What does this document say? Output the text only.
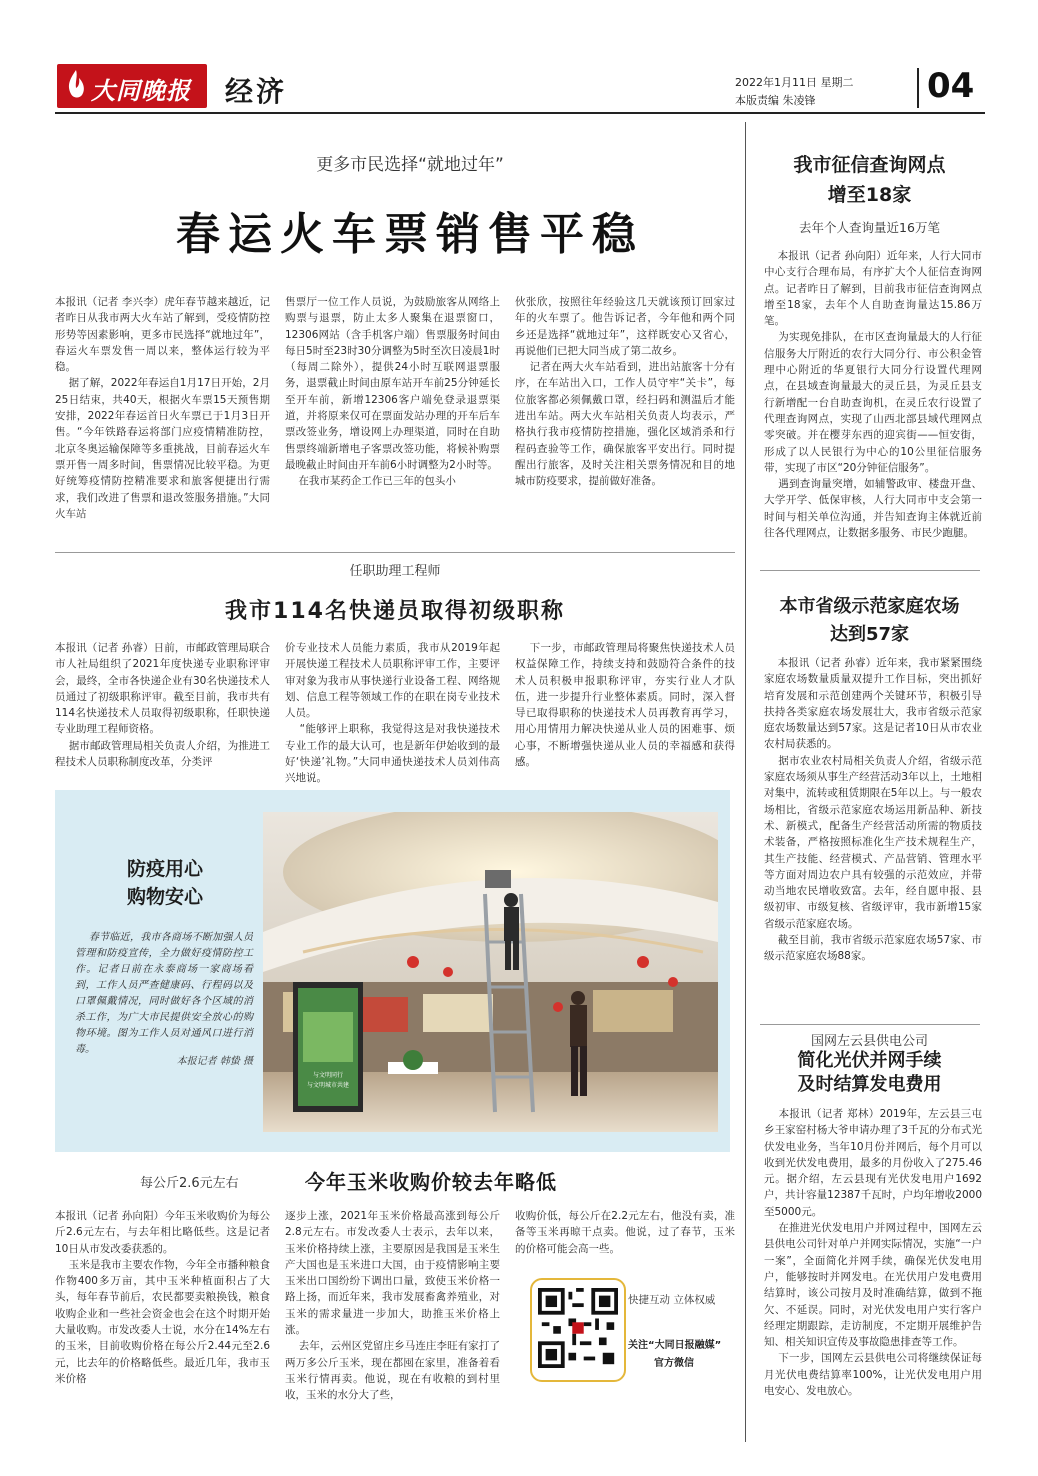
大同晚报 经济	2022年1月11日 星期二
本版责编 朱凌锋	04
更多市民选择“就地过年”
春运火车票销售平稳

本报讯（记者 李兴李）虎年春节越来越近，记者昨日从我市两大火车站了解到，受疫情防控形势等因素影响，更多市民选择“就地过年”，春运火车票发售一周以来，整体运行较为平稳。
据了解，2022年春运自1月17日开始，2月25日结束，共40天，根据火车票15天预售期安排，2022年春运首日火车票已于1月3日开售。“今年铁路春运将部门应疫情精准防控，北京冬奥运输保障等多重挑战，目前春运火车票开售一周多时间，售票情况比较平稳。为更好统筹疫情防控精准要求和旅客便捷出行需求，我们改进了售票和退改签服务措施。”大同火车站

售票厅一位工作人员说，为鼓励旅客从网络上购票与退票，防止太多人聚集在退票窗口，12306网站（含手机客户端）售票服务时间由每日5时至23时30分调整为5时至次日凌晨1时（每周二除外），提供24小时互联网退票服务，退票截止时间由原车站开车前25分钟延长至开车前，新增12306客户端免登录退票渠道，并将原来仅可在票面发站办理的开车后车票改签业务，增设网上办理渠道，同时在自助售票终端新增电子客票改签功能，将候补购票最晚截止时间由开车前6小时调整为2小时等。
在我市某药企工作已三年的包头小

伙张欣，按照往年经验这几天就该预订回家过年的火车票了。他告诉记者，今年他和两个同乡还是选择“就地过年”，这样既安心又省心，再说他们已把大同当成了第二故乡。
记者在两大火车站看到，进出站旅客十分有序，在车站出入口，工作人员守牢“关卡”，每位旅客都必须佩戴口罩，经扫码和测温后才能进出车站。两大火车站相关负责人均表示，严格执行我市疫情防控措施，强化区域消杀和行程码查验等工作，确保旅客平安出行。同时提醒出行旅客，及时关注相关票务情况和目的地城市防疫要求，提前做好准备。

任职助理工程师
我市114名快递员取得初级职称

本报讯（记者 孙睿）日前，市邮政管理局联合市人社局组织了2021年度快递专业职称评审会，最终，全市各快递企业有30名快递技术人员通过了初级职称评审。截至目前，我市共有114名快递技术人员取得初级职称，任职快递专业助理工程师资格。
据市邮政管理局相关负责人介绍，为推进工程技术人员职称制度改革，分类评

价专业技术人员能力素质，我市从2019年起开展快递工程技术人员职称评审工作，主要评审对象为我市从事快递行业设备工程、网络规划、信息工程等领域工作的在职在岗专业技术人员。
“能够评上职称，我觉得这是对我快递技术专业工作的最大认可，也是新年伊始收到的最好‘快递’礼物。”大同申通快递技术人员刘伟高兴地说。

下一步，市邮政管理局将聚焦快递技术人员权益保障工作，持续支持和鼓励符合条件的技术人员积极申报职称评审，夯实行业人才队伍，进一步提升行业整体素质。同时，深入督导已取得职称的快递技术人员再教育再学习，用心用情用力解决快递从业人员的困难事、烦心事，不断增强快递从业人员的幸福感和获得感。

防疫用心
购物安心

春节临近，我市各商场不断加强人员管理和防疫宣传，全力做好疫情防控工作。记者日前在永泰商场一家商场看到，工作人员严查健康码、行程码以及口罩佩戴情况，同时做好各个区域的消杀工作，为广大市民提供安全放心的购物环境。图为工作人员对通风口进行消毒。

本报记者 韩蛰 摄
与文明同行
与文明城市共建
每公斤2.6元左右	今年玉米收购价较去年略低

本报讯（记者 孙向阳）今年玉米收购价为每公斤2.6元左右，与去年相比略低些。这是记者10日从市发改委获悉的。
玉米是我市主要农作物，今年全市播种粮食作物400多万亩，其中玉米种植面积占了大头，每年春节前后，农民都要卖粮换钱，粮食收购企业和一些社会资金也会在这个时期开始大量收购。市发改委人士说，水分在14%左右的玉米，目前收购价格在每公斤2.44元至2.6元，比去年的价格略低些。最近几年，我市玉米价格

逐步上涨，2021年玉米价格最高涨到每公斤2.8元左右。市发改委人士表示，去年以来，玉米价格持续上涨，主要原因是我国是玉米生产大国也是玉米进口大国，由于疫情影响主要玉米出口国纷纷下调出口量，致使玉米价格一路上扬，而近年来，我市发展畜禽养殖业，对玉米的需求量进一步加大，助推玉米价格上涨。
去年，云州区党留庄乡马连庄李旺有家打了两万多公斤玉米，现在都囤在家里，准备着看玉米行情再卖。他说，现在有收粮的到村里收，玉米的水分大了些，

收购价低，每公斤在2.2元左右，他没有卖，准备等玉米再晾干点卖。他说，过了春节，玉米的价格可能会高一些。

快捷互动 立体权威
关注“大同日报融媒”
官方微信
我市征信查询网点
增至18家
去年个人查询量近16万笔

本报讯（记者 孙向阳）近年来，人行大同市中心支行合理布局，有序扩大个人征信查询网点。记者昨日了解到，目前我市征信查询网点增至18家，去年个人自助查询量达15.86万笔。
为实现免排队，在市区查询量最大的人行征信服务大厅附近的农行大同分行、市公积金管理中心附近的华夏银行大同分行设置代理网点，在县域查询量最大的灵丘县，为灵丘县支行新增配一台自助查询机，在灵丘农行设置了代理查询网点，实现了山西北部县域代理网点零突破。并在樱芽东西的迎宾街——恒安街，形成了以人民银行为中心的10公里征信服务带，实现了市区“20分钟征信服务”。
遇到查询量突增，如辅警政审、楼盘开盘、大学开学、低保审核，人行大同市中支会第一时间与相关单位沟通，并告知查询主体就近前往各代理网点，让数据多服务、市民少跑腿。

本市省级示范家庭农场
达到57家

本报讯（记者 孙睿）近年来，我市紧紧围绕家庭农场数量质量双提升工作目标，突出抓好培育发展和示范创建两个关键环节，积极引导扶持各类家庭农场发展壮大，我市省级示范家庭农场数量达到57家。这是记者10日从市农业农村局获悉的。
据市农业农村局相关负责人介绍，省级示范家庭农场须从事生产经营活动3年以上，土地相对集中，流转或租赁期限在5年以上。与一般农场相比，省级示范家庭农场运用新品种、新技术、新模式，配备生产经营活动所需的物质技术装备，严格按照标准化生产技术规程生产，其生产技能、经营模式、产品营销、管理水平等方面对周边农户具有较强的示范效应，并带动当地农民增收致富。去年，经自愿申报、县级初审、市级复核、省级评审，我市新增15家省级示范家庭农场。
截至目前，我市省级示范家庭农场57家、市级示范家庭农场88家。

国网左云县供电公司
简化光伏并网手续
及时结算发电费用

本报讯（记者 郑林）2019年，左云县三屯乡王家窑村杨大爷申请办理了3千瓦的分布式光伏发电业务，当年10月份并网后，每个月可以收到光伏发电费用，最多的月份收入了275.46元。据介绍，左云县现有光伏发电用户1692户，共计容量12387千瓦时，户均年增收2000至5000元。
在推进光伏发电用户并网过程中，国网左云县供电公司针对单户并网实际情况，实施“一户一案”，全面简化并网手续，确保光伏发电用户，能够按时并网发电。在光伏用户发电费用结算时，该公司按月及时准确结算，做到不拖欠、不延误。同时，对光伏发电用户实行客户经理定期跟踪，走访制度，不定期开展维护告知、相关知识宣传及事故隐患排查等工作。
下一步，国网左云县供电公司将继续保证每月光伏电费结算率100%，让光伏发电用户用电安心、发电放心。
